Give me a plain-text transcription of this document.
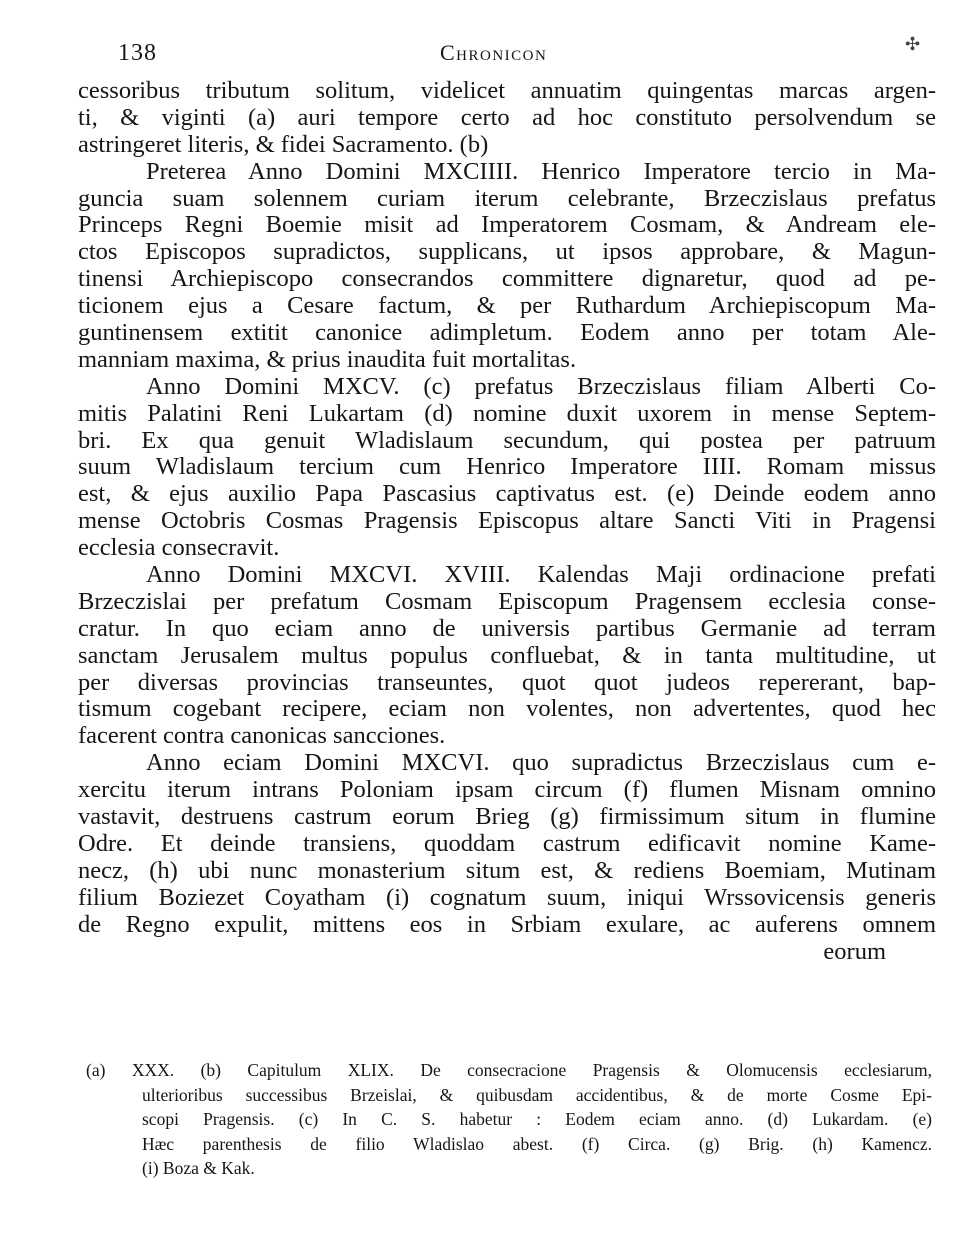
138	Chronicon	✣
cessoribus tributum solitum, videlicet annuatim quingentas marcas argen-
ti, & viginti (a) auri tempore certo ad hoc constituto persolvendum se
astringeret literis, & fidei Sacramento. (b)
Preterea Anno Domini MXCIIII. Henrico Imperatore tercio in Ma-
guncia suam solennem curiam iterum celebrante, Brzeczislaus prefatus
Princeps Regni Boemie misit ad Imperatorem Cosmam, & Andream ele-
ctos Episcopos supradictos, supplicans, ut ipsos approbare, & Magun-
tinensi Archiepiscopo consecrandos committere dignaretur, quod ad pe-
ticionem ejus a Cesare factum, & per Ruthardum Archiepiscopum Ma-
guntinensem extitit canonice adimpletum. Eodem anno per totam Ale-
manniam maxima, & prius inaudita fuit mortalitas.
Anno Domini MXCV. (c) prefatus Brzeczislaus filiam Alberti Co-
mitis Palatini Reni Lukartam (d) nomine duxit uxorem in mense Septem-
bri. Ex qua genuit Wladislaum secundum, qui postea per patruum
suum Wladislaum tercium cum Henrico Imperatore IIII. Romam missus
est, & ejus auxilio Papa Pascasius captivatus est. (e) Deinde eodem anno
mense Octobris Cosmas Pragensis Episcopus altare Sancti Viti in Pragensi
ecclesia consecravit.
Anno Domini MXCVI. XVIII. Kalendas Maji ordinacione prefati
Brzeczislai per prefatum Cosmam Episcopum Pragensem ecclesia conse-
cratur. In quo eciam anno de universis partibus Germanie ad terram
sanctam Jerusalem multus populus confluebat, & in tanta multitudine, ut
per diversas provincias transeuntes, quot quot judeos repererant, bap-
tismum cogebant recipere, eciam non volentes, non advertentes, quod hec
facerent contra canonicas sancciones.
Anno eciam Domini MXCVI. quo supradictus Brzeczislaus cum e-
xercitu iterum intrans Poloniam ipsam circum (f) flumen Misnam omnino
vastavit, destruens castrum eorum Brieg (g) firmissimum situm in flumine
Odre. Et deinde transiens, quoddam castrum edificavit nomine Kame-
necz, (h) ubi nunc monasterium situm est, & rediens Boemiam, Mutinam
filium Boziezet Coyatham (i) cognatum suum, iniqui Wrssovicensis generis
de Regno expulit, mittens eos in Srbiam exulare, ac auferens omnem
eorum
(a) XXX. (b) Capitulum XLIX. De consecracione Pragensis & Olomucensis ecclesiarum,
ulterioribus successibus Brzeislai, & quibusdam accidentibus, & de morte Cosme Epi-
scopi Pragensis. (c) In C. S. habetur : Eodem eciam anno. (d) Lukardam. (e)
Hæc parenthesis de filio Wladislao abest. (f) Circa. (g) Brig. (h) Kamencz.
(i) Boza & Kak.
